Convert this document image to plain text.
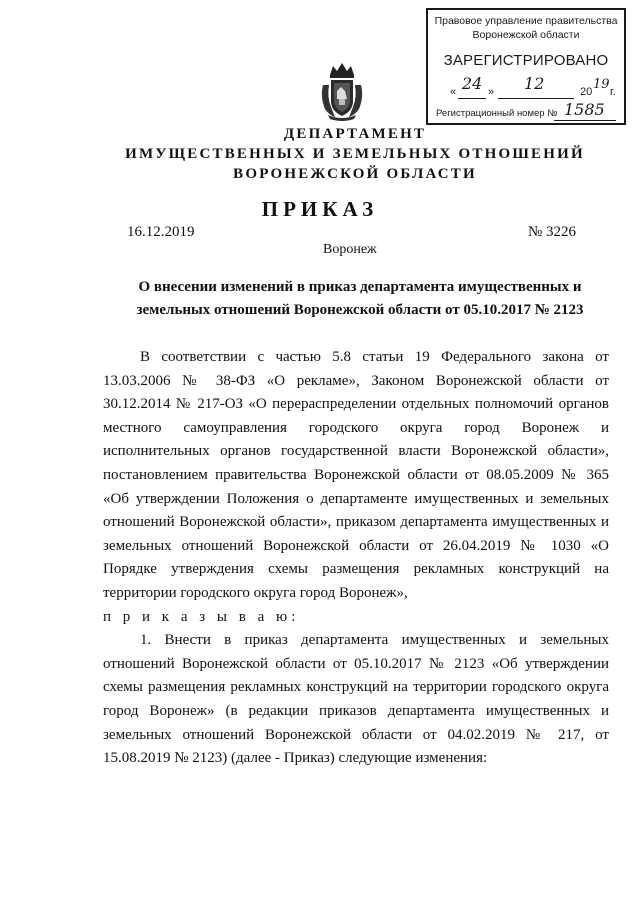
Правовое управление правительства
Воронежской области
ЗАРЕГИСТРИРОВАНО
« 24 » 12	20 19 г.
Регистрационный номер № 1585
ДЕПАРТАМЕНТ
ИМУЩЕСТВЕННЫХ И ЗЕМЕЛЬНЫХ ОТНОШЕНИЙ
ВОРОНЕЖСКОЙ ОБЛАСТИ
ПРИКАЗ
16.12.2019	№ 3226
Воронеж
О внесении изменений в приказ департамента имущественных и
земельных отношений Воронежской области от 05.10.2017 № 2123

В соответствии с частью 5.8 статьи 19 Федерального закона от 13.03.2006 № 38-ФЗ «О рекламе», Законом Воронежской области от 30.12.2014 № 217-ОЗ «О перераспределении отдельных полномочий органов местного самоуправления городского округа город Воронеж и исполнительных органов государственной власти Воронежской области», постановлением правительства Воронежской области от 08.05.2009 № 365 «Об утверждении Положения о департаменте имущественных и земельных отношений Воронежской области», приказом департамента имущественных и земельных отношений Воронежской области от 26.04.2019 № 1030 «О Порядке утверждения схемы размещения рекламных конструкций на территории городского округа город Воронеж»,

п р и к а з ы в а ю:

1. Внести в приказ департамента имущественных и земельных отношений Воронежской области от 05.10.2017 № 2123 «Об утверждении схемы размещения рекламных конструкций на территории городского округа город Воронеж» (в редакции приказов департамента имущественных и земельных отношений Воронежской области от 04.02.2019 № 217, от 15.08.2019 № 2123) (далее - Приказ) следующие изменения:
